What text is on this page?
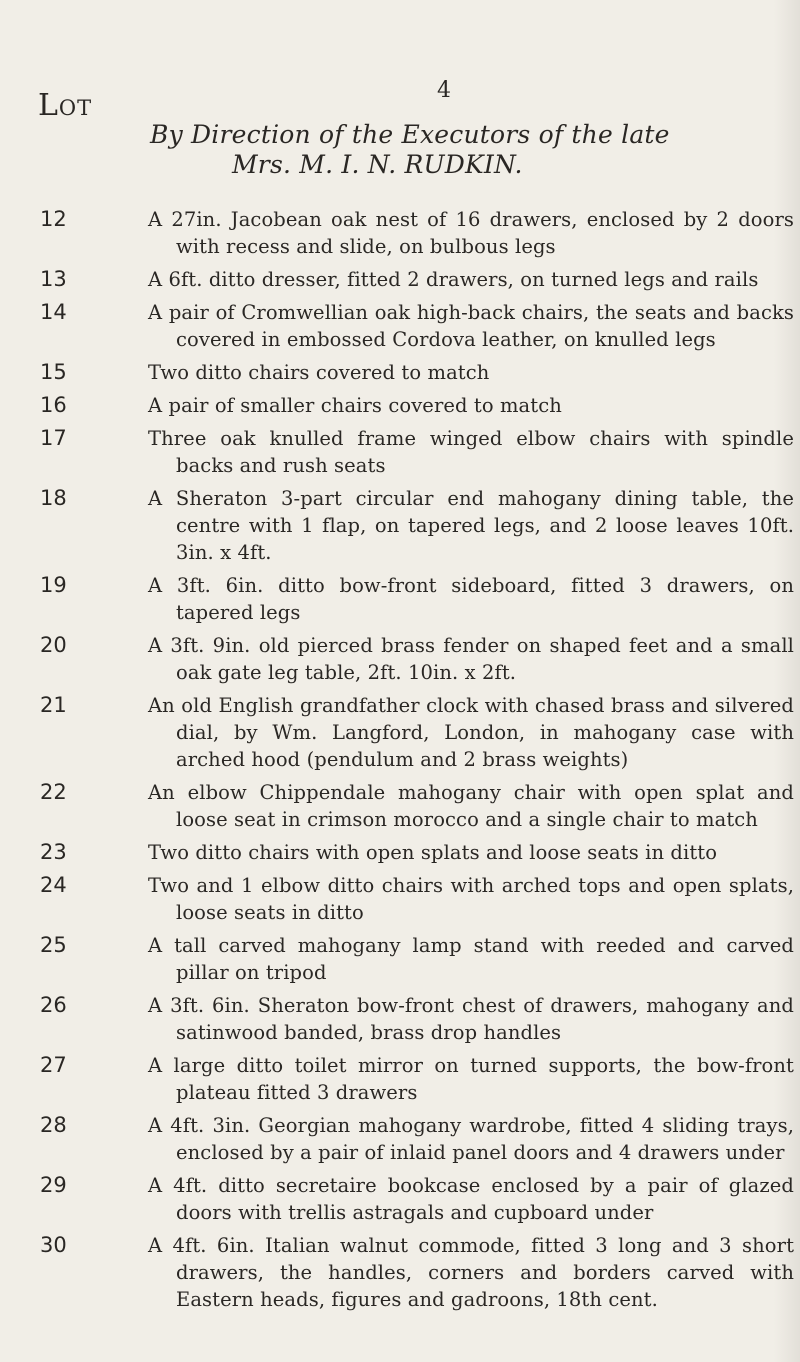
Lot	4
By Direction of the Executors of the late
Mrs. M. I. N. RUDKIN.
12	A 27in. Jacobean oak nest of 16 drawers, enclosed by 2 doors with recess and slide, on bulbous legs
13	A 6ft. ditto dresser, fitted 2 drawers, on turned legs and rails
14	A pair of Cromwellian oak high-back chairs, the seats and backs covered in embossed Cordova leather, on knulled legs
15	Two ditto chairs covered to match
16	A pair of smaller chairs covered to match
17	Three oak knulled frame winged elbow chairs with spindle backs and rush seats
18	A Sheraton 3-part circular end mahogany dining table, the centre with 1 flap, on tapered legs, and 2 loose leaves 10ft. 3in. x 4ft.
19	A 3ft. 6in. ditto bow-front sideboard, fitted 3 drawers, on tapered legs
20	A 3ft. 9in. old pierced brass fender on shaped feet and a small oak gate leg table, 2ft. 10in. x 2ft.
21	An old English grandfather clock with chased brass and silvered dial, by Wm. Langford, London, in mahogany case with arched hood (pendulum and 2 brass weights)
22	An elbow Chippendale mahogany chair with open splat and loose seat in crimson morocco and a single chair to match
23	Two ditto chairs with open splats and loose seats in ditto
24	Two and 1 elbow ditto chairs with arched tops and open splats, loose seats in ditto
25	A tall carved mahogany lamp stand with reeded and carved pillar on tripod
26	A 3ft. 6in. Sheraton bow-front chest of drawers, mahogany and satinwood banded, brass drop handles
27	A large ditto toilet mirror on turned supports, the bow-front plateau fitted 3 drawers
28	A 4ft. 3in. Georgian mahogany wardrobe, fitted 4 sliding trays, enclosed by a pair of inlaid panel doors and 4 drawers under
29	A 4ft. ditto secretaire bookcase enclosed by a pair of glazed doors with trellis astragals and cupboard under
30	A 4ft. 6in. Italian walnut commode, fitted 3 long and 3 short drawers, the handles, corners and borders carved with Eastern heads, figures and gadroons, 18th cent.
